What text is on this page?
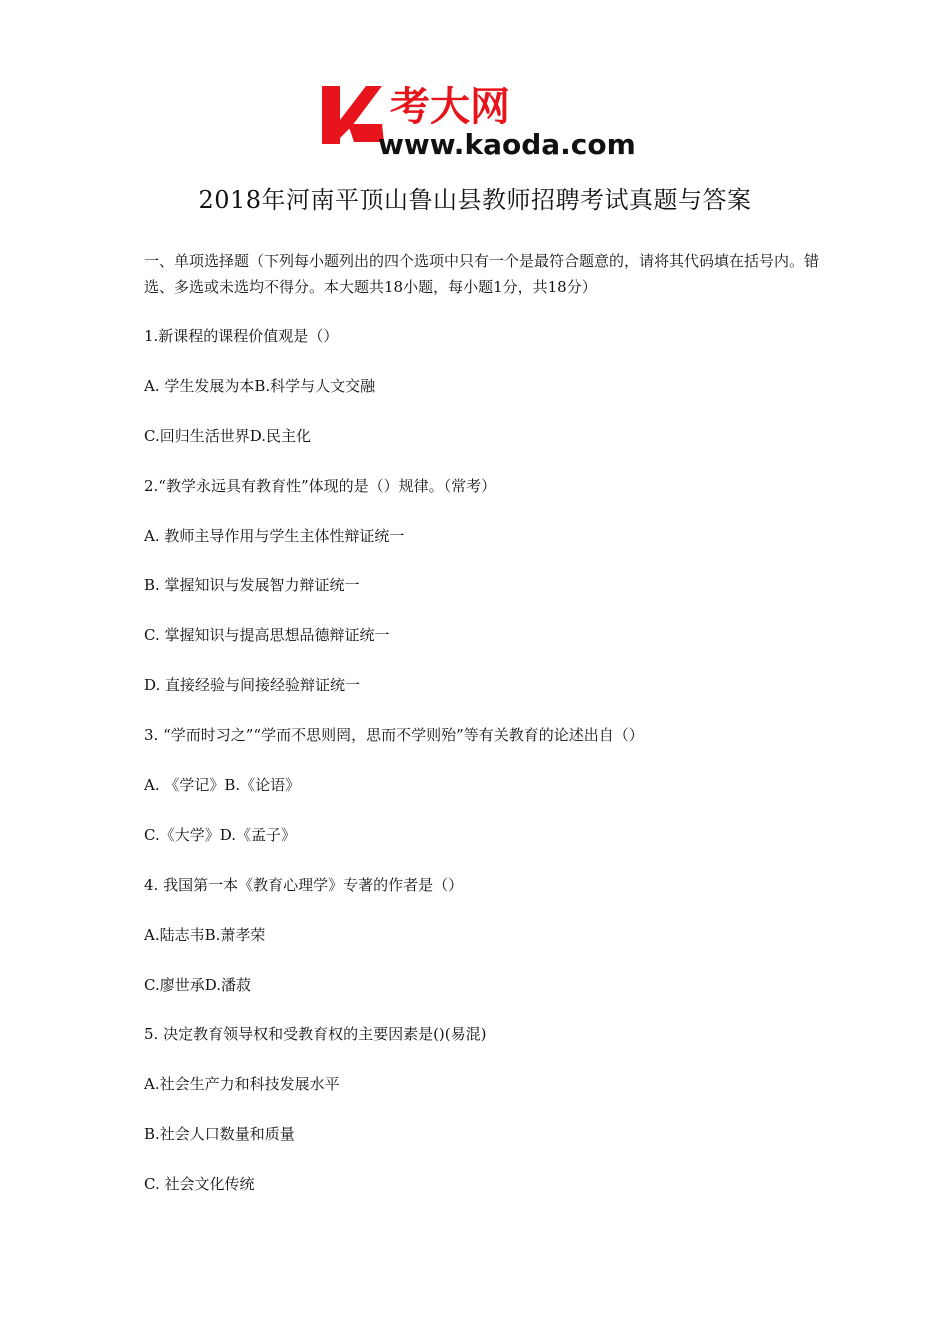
考大网
www.kaoda.com
2018年河南平顶山鲁山县教师招聘考试真题与答案
一、单项选择题（下列每小题列出的四个选项中只有一个是最符合题意的，请将其代码填在括号内。错选、多选或未选均不得分。本大题共18小题，每小题1分，共18分）
1.新课程的课程价值观是（）
A. 学生发展为本B.科学与人文交融
C.回归生活世界D.民主化
2.“教学永远具有教育性”体现的是（）规律。（常考）
A. 教师主导作用与学生主体性辩证统一
B. 掌握知识与发展智力辩证统一
C. 掌握知识与提高思想品德辩证统一
D. 直接经验与间接经验辩证统一
3. “学而时习之”“学而不思则罔，思而不学则殆”等有关教育的论述出自（）
A. 《学记》B.《论语》
C.《大学》D.《孟子》
4. 我国第一本《教育心理学》专著的作者是（）
A.陆志韦B.萧孝荣
C.廖世承D.潘菽
5. 决定教育领导权和受教育权的主要因素是()(易混)
A.社会生产力和科技发展水平
B.社会人口数量和质量
C. 社会文化传统
